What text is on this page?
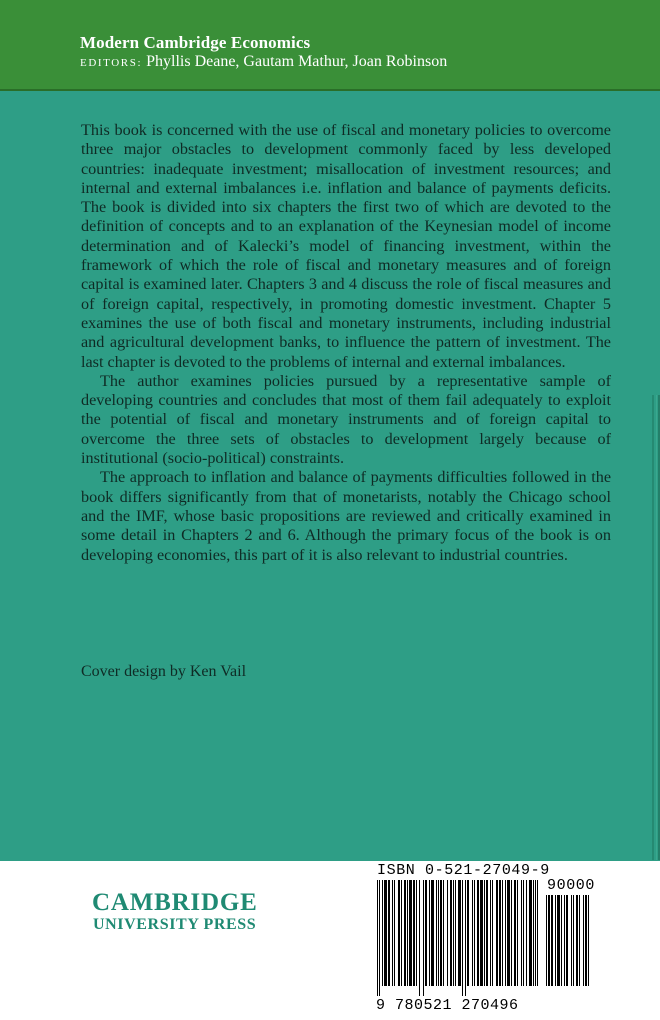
Modern Cambridge Economics
EDITORS: Phyllis Deane, Gautam Mathur, Joan Robinson

This book is concerned with the use of fiscal and monetary policies to overcome three major obstacles to development commonly faced by less developed countries: inadequate investment; misallocation of investment resources; and internal and external imbalances i.e. inflation and balance of payments deficits. The book is divided into six chapters the first two of which are devoted to the definition of concepts and to an explanation of the Keynesian model of income determination and of Kalecki’s model of financing investment, within the framework of which the role of fiscal and monetary measures and of foreign capital is examined later. Chapters 3 and 4 discuss the role of fiscal measures and of foreign capital, respectively, in promoting domestic investment. Chapter 5 examines the use of both fiscal and monetary instruments, including industrial and agricultural development banks, to influence the pattern of investment. The last chapter is devoted to the problems of internal and external imbalances.

The author examines policies pursued by a representative sample of developing countries and concludes that most of them fail adequately to exploit the potential of fiscal and monetary instruments and of foreign capital to overcome the three sets of obstacles to development largely because of institutional (socio-political) constraints.

The approach to inflation and balance of payments difficulties followed in the book differs significantly from that of monetarists, notably the Chicago school and the IMF, whose basic propositions are reviewed and critically examined in some detail in Chapters 2 and 6. Although the primary focus of the book is on developing economies, this part of it is also relevant to industrial countries.

Cover design by Ken Vail
CAMBRIDGE
UNIVERSITY PRESS
ISBN 0-521-27049-9
90000
9 780521 270496
